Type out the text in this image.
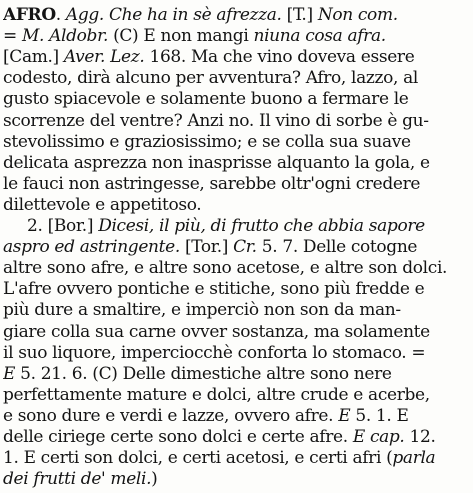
AFRO. Agg. Che ha in sè afrezza. [T.] Non com.
= M. Aldobr. (C) E non mangi niuna cosa afra.
[Cam.] Aver. Lez. 168. Ma che vino doveva essere
codesto, dirà alcuno per avventura? Afro, lazzo, al
gusto spiacevole e solamente buono a fermare le
scorrenze del ventre? Anzi no. Il vino di sorbe è gu-
stevolissimo e graziosissimo; e se colla sua suave
delicata asprezza non inasprisse alquanto la gola, e
le fauci non astringesse, sarebbe oltr'ogni credere
dilettevole e appetitoso.
2. [Bor.] Dicesi, il più, di frutto che abbia sapore
aspro ed astringente. [Tor.] Cr. 5. 7. Delle cotogne
altre sono afre, e altre sono acetose, e altre son dolci.
L'afre ovvero pontiche e stitiche, sono più fredde e
più dure a smaltire, e imperciò non son da man-
giare colla sua carne ovver sostanza, ma solamente
il suo liquore, imperciocchè conforta lo stomaco. =
E 5. 21. 6. (C) Delle dimestiche altre sono nere
perfettamente mature e dolci, altre crude e acerbe,
e sono dure e verdi e lazze, ovvero afre. E 5. 1. E
delle ciriege certe sono dolci e certe afre. E cap. 12.
1. E certi son dolci, e certi acetosi, e certi afri (parla
dei frutti de' meli.)
